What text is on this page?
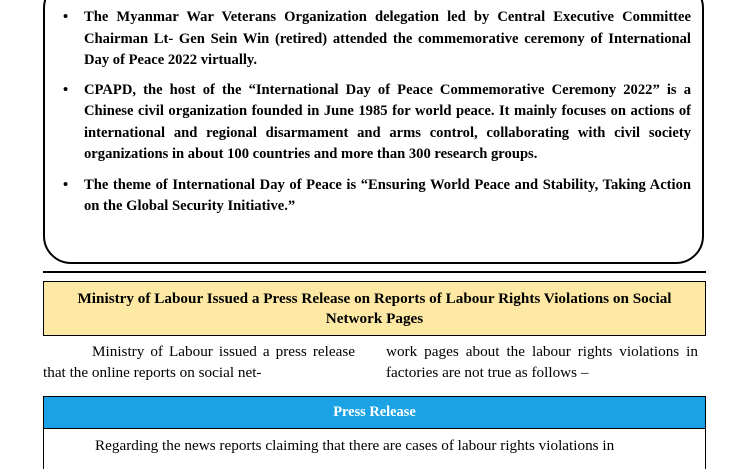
• The Myanmar War Veterans Organization delegation led by Central Executive Committee Chairman Lt- Gen Sein Win (retired) attended the commemorative ceremony of International Day of Peace 2022 virtually.
• CPAPD, the host of the “International Day of Peace Commemorative Ceremony 2022” is a Chinese civil organization founded in June 1985 for world peace. It mainly focuses on actions of international and regional disarmament and arms control, collaborating with civil society organizations in about 100 countries and more than 300 research groups.
• The theme of International Day of Peace is “Ensuring World Peace and Stability, Taking Action on the Global Security Initiative.”
Ministry of Labour Issued a Press Release on Reports of Labour Rights Violations on Social Network Pages
Ministry of Labour issued a press release that the online reports on social net-
work pages about the labour rights violations in factories are not true as follows –
Press Release
Regarding the news reports claiming that there are cases of labour rights violations in
